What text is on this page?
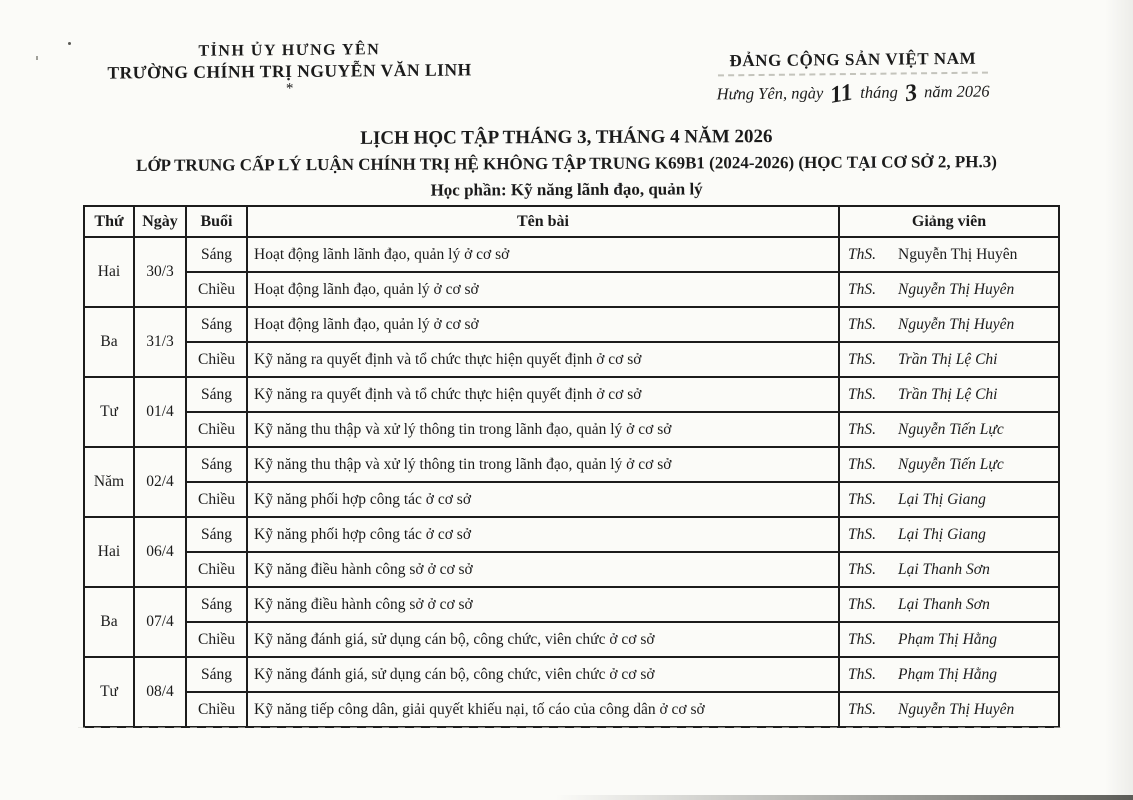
TỈNH ỦY HƯNG YÊN
TRƯỜNG CHÍNH TRỊ NGUYỄN VĂN LINH
*
ĐẢNG CỘNG SẢN VIỆT NAM
Hưng Yên, ngày 11 tháng 3 năm 2026
LỊCH HỌC TẬP THÁNG 3, THÁNG 4 NĂM 2026
LỚP TRUNG CẤP LÝ LUẬN CHÍNH TRỊ HỆ KHÔNG TẬP TRUNG K69B1 (2024-2026) (HỌC TẠI CƠ SỞ 2, PH.3)
Học phần: Kỹ năng lãnh đạo, quản lý
Thứ	Ngày	Buổi	Tên bài	Giảng viên
Hai	30/3	Sáng	Hoạt động lãnh lãnh đạo, quản lý ở cơ sở	ThS. Nguyễn Thị Huyên
		Chiều	Hoạt động lãnh đạo, quản lý ở cơ sở	ThS. Nguyễn Thị Huyên
Ba	31/3	Sáng	Hoạt động lãnh đạo, quản lý ở cơ sở	ThS. Nguyễn Thị Huyên
		Chiều	Kỹ năng ra quyết định và tổ chức thực hiện quyết định ở cơ sở	ThS. Trần Thị Lệ Chi
Tư	01/4	Sáng	Kỹ năng ra quyết định và tổ chức thực hiện quyết định ở cơ sở	ThS. Trần Thị Lệ Chi
		Chiều	Kỹ năng thu thập và xử lý thông tin trong lãnh đạo, quản lý ở cơ sở	ThS. Nguyễn Tiến Lực
Năm	02/4	Sáng	Kỹ năng thu thập và xử lý thông tin trong lãnh đạo, quản lý ở cơ sở	ThS. Nguyễn Tiến Lực
		Chiều	Kỹ năng phối hợp công tác ở cơ sở	ThS. Lại Thị Giang
Hai	06/4	Sáng	Kỹ năng phối hợp công tác ở cơ sở	ThS. Lại Thị Giang
		Chiều	Kỹ năng điều hành công sở ở cơ sở	ThS. Lại Thanh Sơn
Ba	07/4	Sáng	Kỹ năng điều hành công sở ở cơ sở	ThS. Lại Thanh Sơn
		Chiều	Kỹ năng đánh giá, sử dụng cán bộ, công chức, viên chức ở cơ sở	ThS. Phạm Thị Hằng
Tư	08/4	Sáng	Kỹ năng đánh giá, sử dụng cán bộ, công chức, viên chức ở cơ sở	ThS. Phạm Thị Hằng
		Chiều	Kỹ năng tiếp công dân, giải quyết khiếu nại, tố cáo của công dân ở cơ sở	ThS. Nguyễn Thị Huyên
